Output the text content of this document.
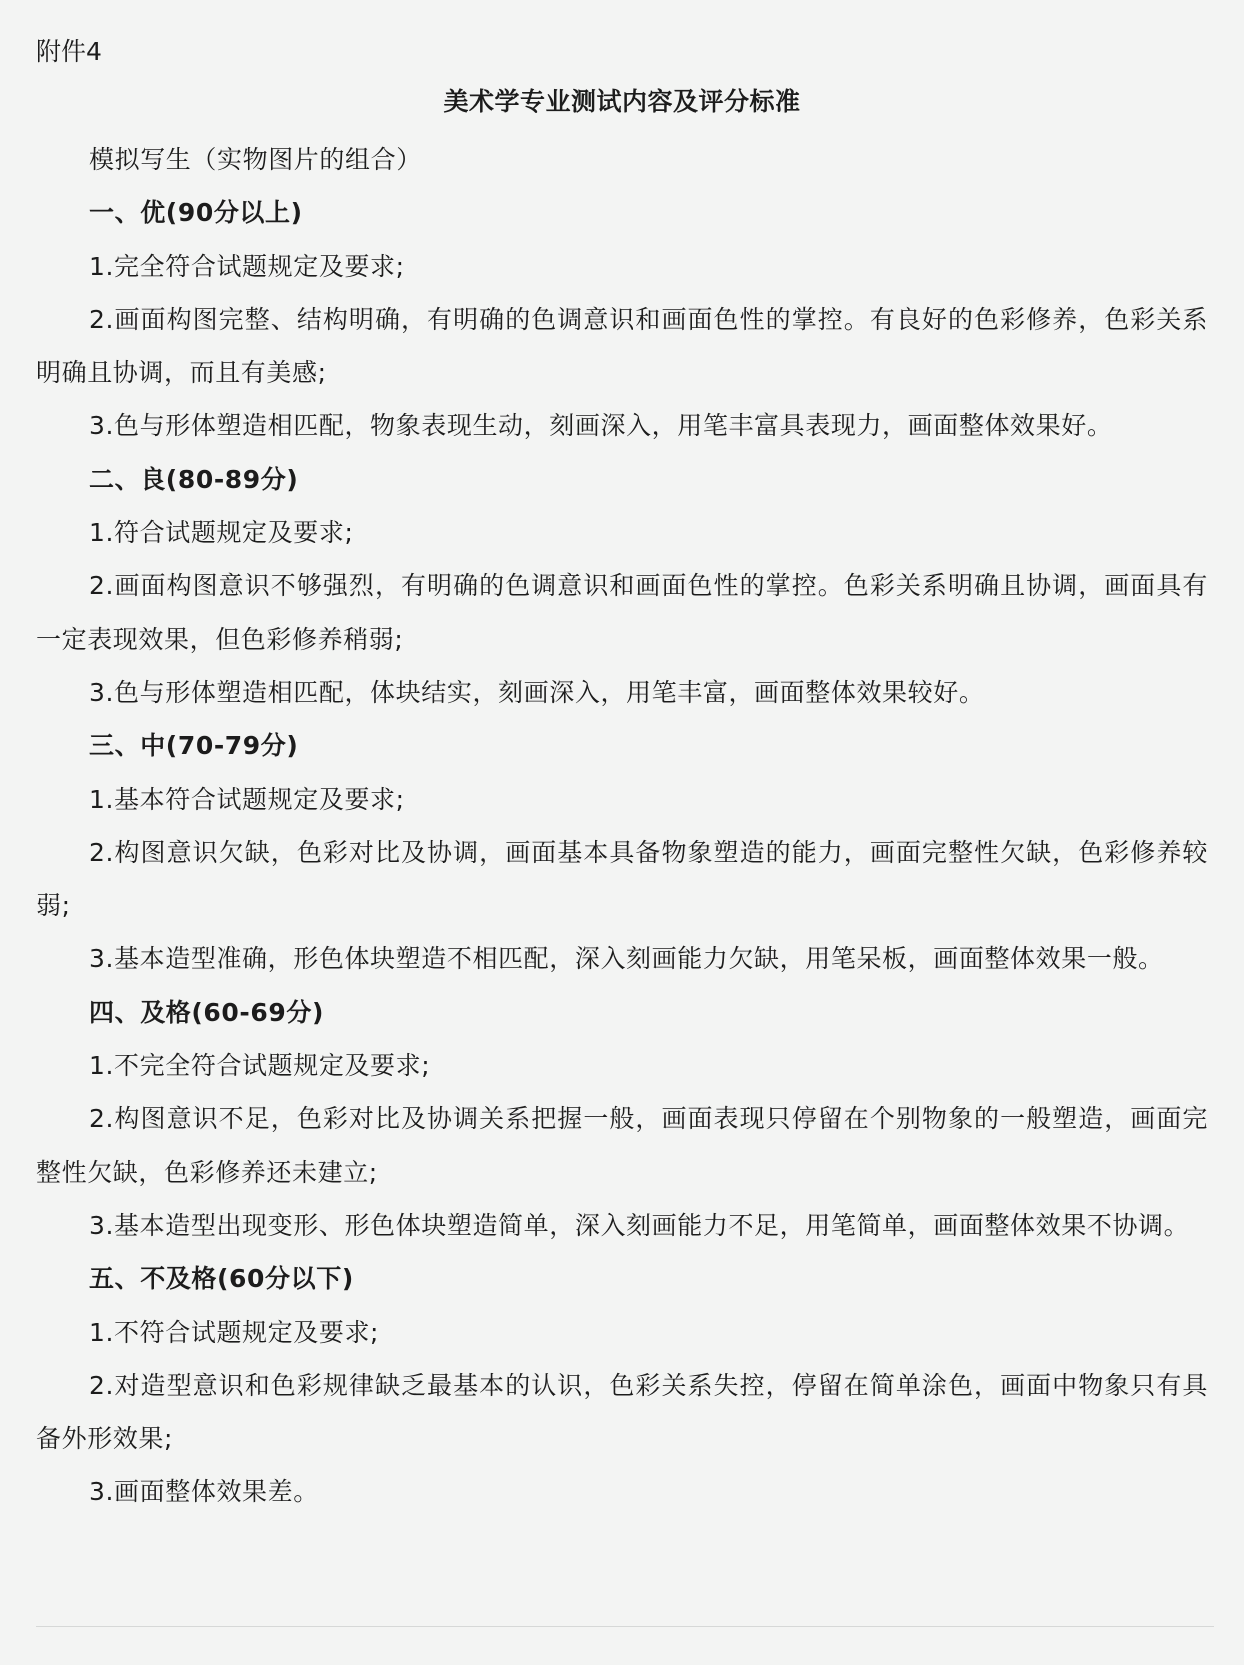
附件4
美术学专业测试内容及评分标准

模拟写生（实物图片的组合）

一、优(90分以上)

1.完全符合试题规定及要求;

2.画面构图完整、结构明确，有明确的色调意识和画面色性的掌控。有良好的色彩修养，色彩关系明确且协调，而且有美感;

3.色与形体塑造相匹配，物象表现生动，刻画深入，用笔丰富具表现力，画面整体效果好。

二、良(80-89分)

1.符合试题规定及要求;

2.画面构图意识不够强烈，有明确的色调意识和画面色性的掌控。色彩关系明确且协调，画面具有一定表现效果，但色彩修养稍弱;

3.色与形体塑造相匹配，体块结实，刻画深入，用笔丰富，画面整体效果较好。

三、中(70-79分)

1.基本符合试题规定及要求;

2.构图意识欠缺，色彩对比及协调，画面基本具备物象塑造的能力，画面完整性欠缺，色彩修养较弱;

3.基本造型准确，形色体块塑造不相匹配，深入刻画能力欠缺，用笔呆板，画面整体效果一般。

四、及格(60-69分)

1.不完全符合试题规定及要求;

2.构图意识不足，色彩对比及协调关系把握一般，画面表现只停留在个别物象的一般塑造，画面完整性欠缺，色彩修养还未建立;

3.基本造型出现变形、形色体块塑造简单，深入刻画能力不足，用笔简单，画面整体效果不协调。

五、不及格(60分以下)

1.不符合试题规定及要求;

2.对造型意识和色彩规律缺乏最基本的认识，色彩关系失控，停留在简单涂色，画面中物象只有具备外形效果;

3.画面整体效果差。
